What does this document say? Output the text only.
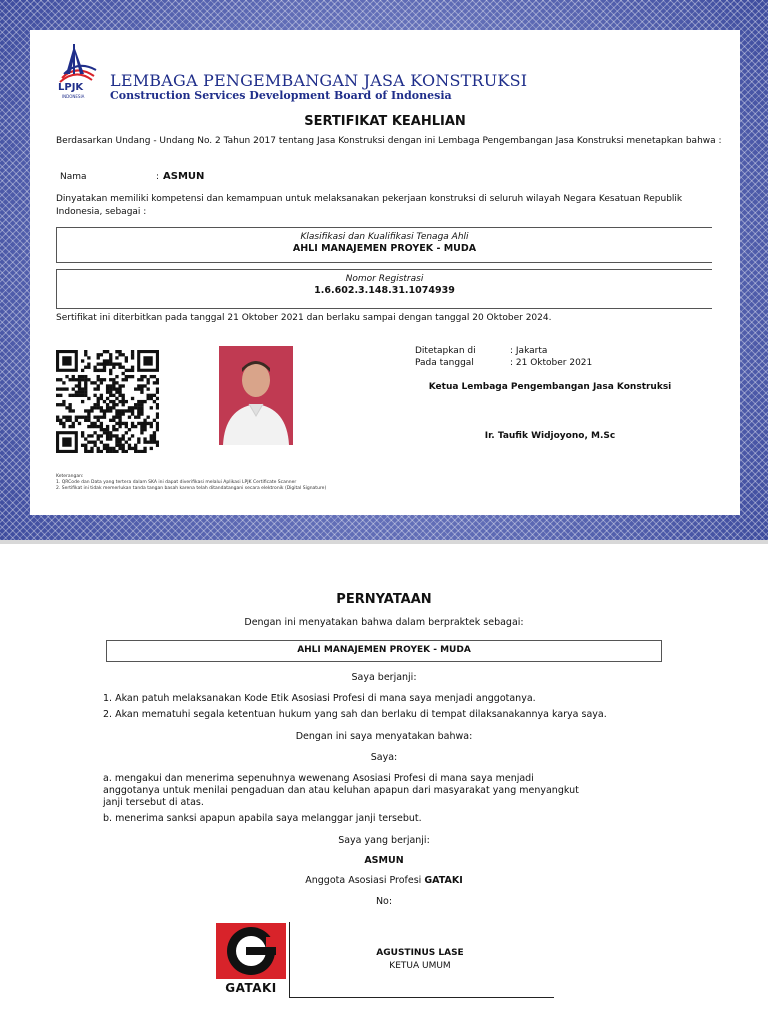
LPJK
INDONESIA
LEMBAGA PENGEMBANGAN JASA KONSTRUKSI
Construction Services Development Board of Indonesia
SERTIFIKAT KEAHLIAN
Berdasarkan Undang - Undang No. 2 Tahun 2017 tentang Jasa Konstruksi dengan ini Lembaga Pengembangan Jasa Konstruksi menetapkan bahwa :
Nama	: ASMUN
Dinyatakan memiliki kompetensi dan kemampuan untuk melaksanakan pekerjaan konstruksi di seluruh wilayah Negara Kesatuan Republik Indonesia, sebagai :
Klasifikasi dan Kualifikasi Tenaga Ahli
AHLI MANAJEMEN PROYEK - MUDA
Nomor Registrasi
1.6.602.3.148.31.1074939
Sertifikat ini diterbitkan pada tanggal 21 Oktober 2021 dan berlaku sampai dengan tanggal 20 Oktober 2024.
Ditetapkan di	: Jakarta
Pada tanggal	: 21 Oktober 2021
Ketua Lembaga Pengembangan Jasa Konstruksi
Ir. Taufik Widjoyono, M.Sc
Keterangan:
1. QRCode dan Data yang tertera dalam SKA ini dapat diverifikasi melalui Aplikasi LPJK Certificate Scanner
2. Sertifikat ini tidak memerlukan tanda tangan basah karena telah ditandatangani secara elektronik (Digital Signature)
PERNYATAAN
Dengan ini menyatakan bahwa dalam berpraktek sebagai:
AHLI MANAJEMEN PROYEK - MUDA
Saya berjanji:
1. Akan patuh melaksanakan Kode Etik Asosiasi Profesi di mana saya menjadi anggotanya.
2. Akan mematuhi segala ketentuan hukum yang sah dan berlaku di tempat dilaksanakannya karya saya.
Dengan ini saya menyatakan bahwa:
Saya:
a. mengakui dan menerima sepenuhnya wewenang Asosiasi Profesi di mana saya menjadi anggotanya untuk menilai pengaduan dan atau keluhan apapun dari masyarakat yang menyangkut janji tersebut di atas.
b. menerima sanksi apapun apabila saya melanggar janji tersebut.
Saya yang berjanji:
ASMUN
Anggota Asosiasi Profesi GATAKI
No:
GATAKI
AGUSTINUS LASE
KETUA UMUM
